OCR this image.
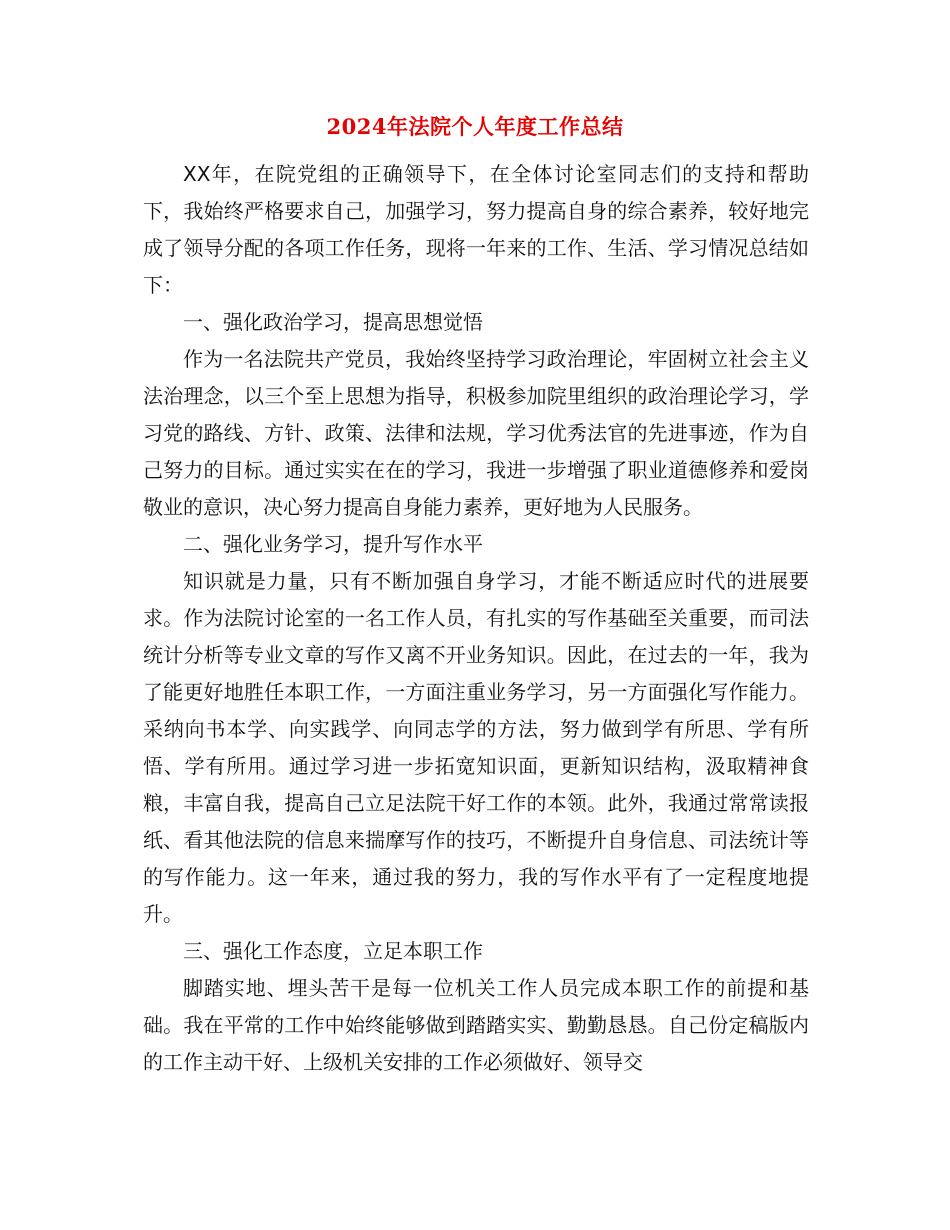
2024年法院个人年度工作总结

XX年，在院党组的正确领导下，在全体讨论室同志们的支持和帮助下，我始终严格要求自己，加强学习，努力提高自身的综合素养，较好地完成了领导分配的各项工作任务，现将一年来的工作、生活、学习情况总结如下：

一、强化政治学习，提高思想觉悟

作为一名法院共产党员，我始终坚持学习政治理论，牢固树立社会主义法治理念，以三个至上思想为指导，积极参加院里组织的政治理论学习，学习党的路线、方针、政策、法律和法规，学习优秀法官的先进事迹，作为自己努力的目标。通过实实在在的学习，我进一步增强了职业道德修养和爱岗敬业的意识，决心努力提高自身能力素养，更好地为人民服务。

二、强化业务学习，提升写作水平

知识就是力量，只有不断加强自身学习，才能不断适应时代的进展要求。作为法院讨论室的一名工作人员，有扎实的写作基础至关重要，而司法统计分析等专业文章的写作又离不开业务知识。因此，在过去的一年，我为了能更好地胜任本职工作，一方面注重业务学习，另一方面强化写作能力。采纳向书本学、向实践学、向同志学的方法，努力做到学有所思、学有所悟、学有所用。通过学习进一步拓宽知识面，更新知识结构，汲取精神食粮，丰富自我，提高自己立足法院干好工作的本领。此外，我通过常常读报纸、看其他法院的信息来揣摩写作的技巧，不断提升自身信息、司法统计等的写作能力。这一年来，通过我的努力，我的写作水平有了一定程度地提升。

三、强化工作态度，立足本职工作

脚踏实地、埋头苦干是每一位机关工作人员完成本职工作的前提和基础。我在平常的工作中始终能够做到踏踏实实、勤勤恳恳。自己份定稿版内的工作主动干好、上级机关安排的工作必须做好、领导交
